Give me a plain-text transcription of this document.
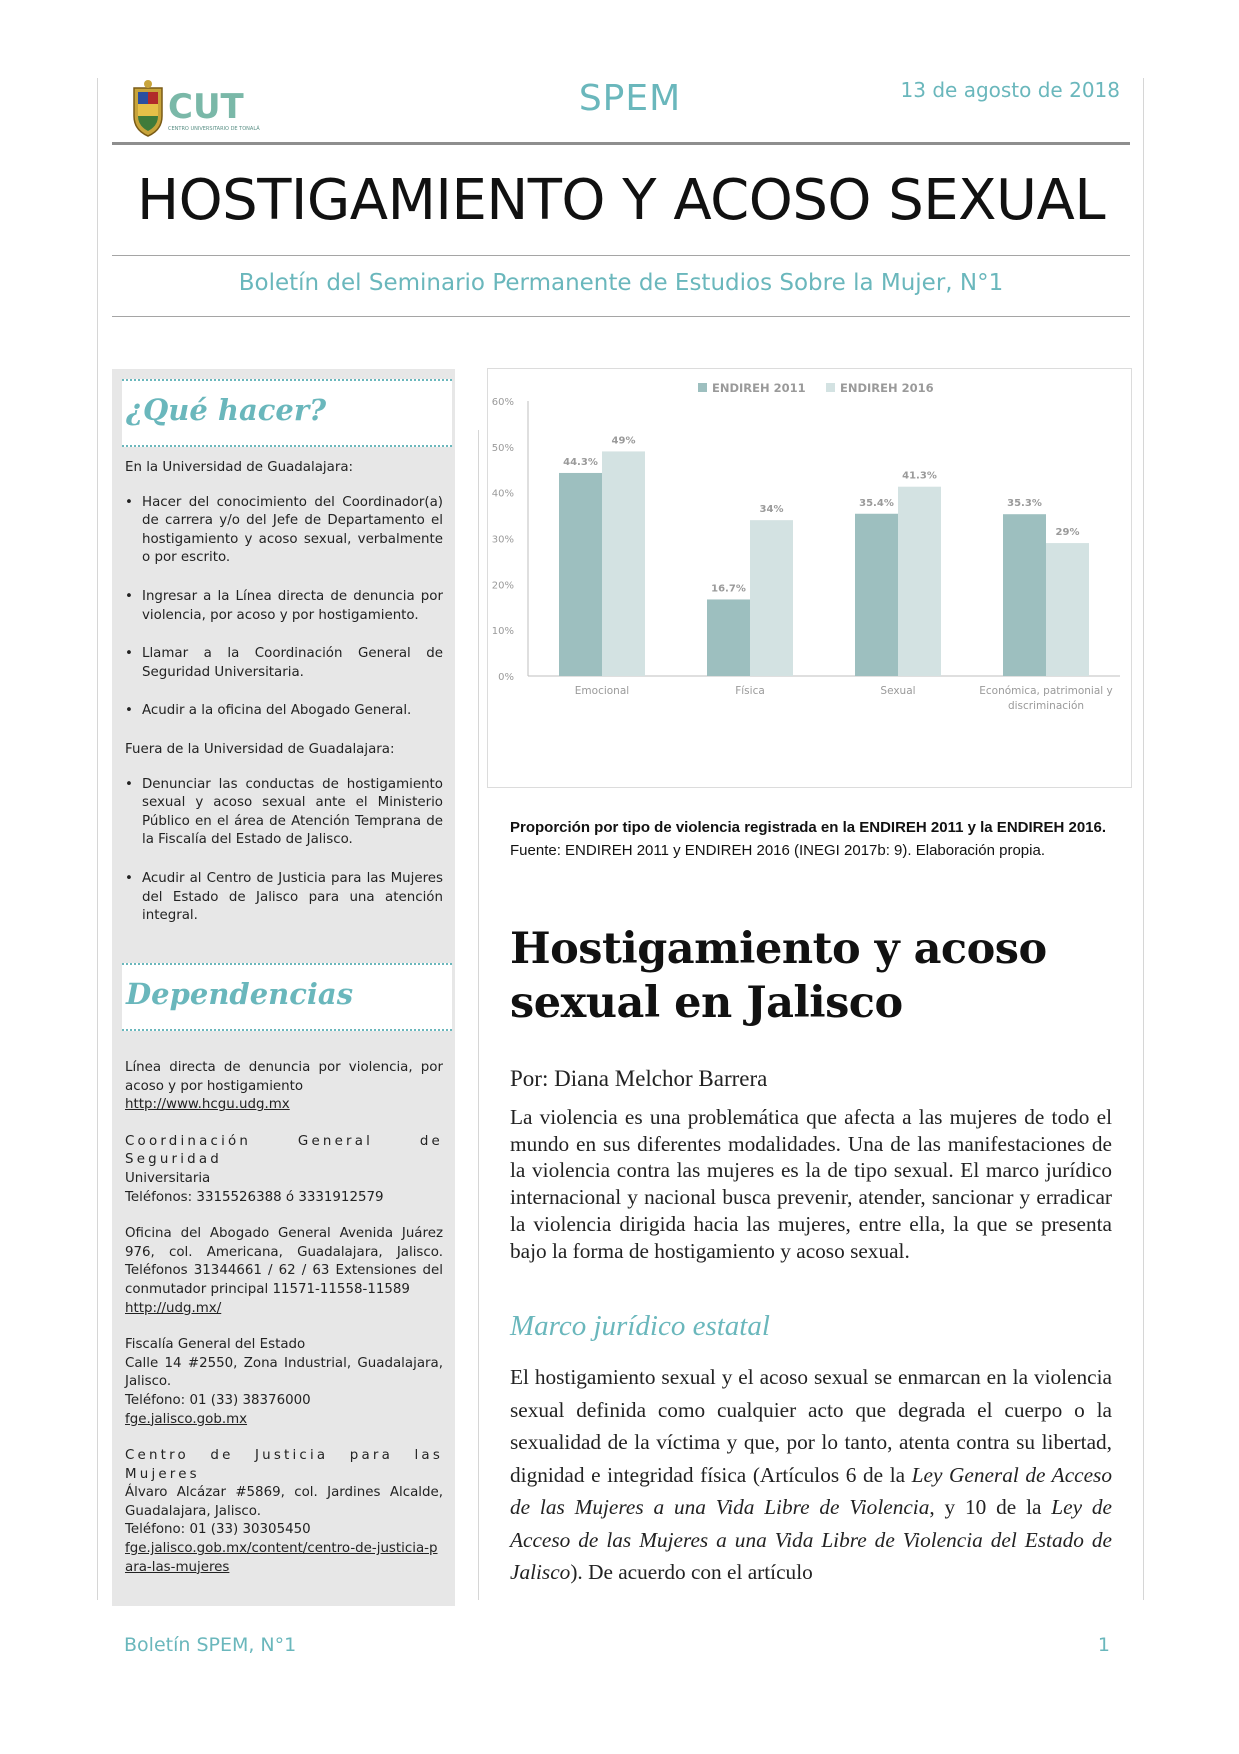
CUT
CENTRO UNIVERSITARIO DE TONALÁ
SPEM	13 de agosto de 2018
HOSTIGAMIENTO Y ACOSO SEXUAL
Boletín del Seminario Permanente de Estudios Sobre la Mujer, N°1
¿Qué hacer?
En la Universidad de Guadalajara:
• Hacer del conocimiento del Coordinador(a) de carrera y/o del Jefe de Departamento el hostigamiento y acoso sexual, verbalmente o por escrito.
• Ingresar a la Línea directa de denuncia por violencia, por acoso y por hostigamiento.
• Llamar a la Coordinación General de Seguridad Universitaria.
• Acudir a la oficina del Abogado General.
Fuera de la Universidad de Guadalajara:
• Denunciar las conductas de hostigamiento sexual y acoso sexual ante el Ministerio Público en el área de Atención Temprana de la Fiscalía del Estado de Jalisco.
• Acudir al Centro de Justicia para las Mujeres del Estado de Jalisco para una atención integral.
Dependencias
Línea directa de denuncia por violencia, por acoso y por hostigamiento
http://www.hcgu.udg.mx
Coordinación General de Seguridad
Universitaria
Teléfonos: 3315526388 ó 3331912579
Oficina del Abogado General Avenida Juárez 976, col. Americana, Guadalajara, Jalisco. Teléfonos 31344661 / 62 / 63 Extensiones del conmutador principal 11571-11558-11589
http://udg.mx/
Fiscalía General del Estado
Calle 14 #2550, Zona Industrial, Guadalajara, Jalisco.
Teléfono: 01 (33) 38376000
fge.jalisco.gob.mx
Centro de Justicia para las Mujeres
Álvaro Alcázar #5869, col. Jardines Alcalde, Guadalajara, Jalisco.
Teléfono: 01 (33) 30305450
fge.jalisco.gob.mx/content/centro-de-justicia-para-las-mujeres
0%
10%
20%
30%
40%
50%
60%
ENDIREH 2011	ENDIREH 2016
44.3%
49%
Emocional
16.7%
34%
Física
35.4%
41.3%
Sexual
35.3%
29%
Económica, patrimonial y
discriminación
Proporción por tipo de violencia registrada en la ENDIREH 2011 y la ENDIREH 2016.
Fuente: ENDIREH 2011 y ENDIREH 2016 (INEGI 2017b: 9). Elaboración propia.
Hostigamiento y acoso sexual en Jalisco
Por: Diana Melchor Barrera
La violencia es una problemática que afecta a las mujeres de todo el mundo en sus diferentes modalidades. Una de las manifestaciones de la violencia contra las mujeres es la de tipo sexual. El marco jurídico internacional y nacional busca prevenir, atender, sancionar y erradicar la violencia dirigida hacia las mujeres, entre ella, la que se presenta bajo la forma de hostigamiento y acoso sexual.
Marco jurídico estatal
El hostigamiento sexual y el acoso sexual se enmarcan en la violencia sexual definida como cualquier acto que degrada el cuerpo o la sexualidad de la víctima y que, por lo tanto, atenta contra su libertad, dignidad e integridad física (Artículos 6 de la Ley General de Acceso de las Mujeres a una Vida Libre de Violencia, y 10 de la Ley de Acceso de las Mujeres a una Vida Libre de Violencia del Estado de Jalisco). De acuerdo con el artículo
Boletín SPEM, N°1	1
